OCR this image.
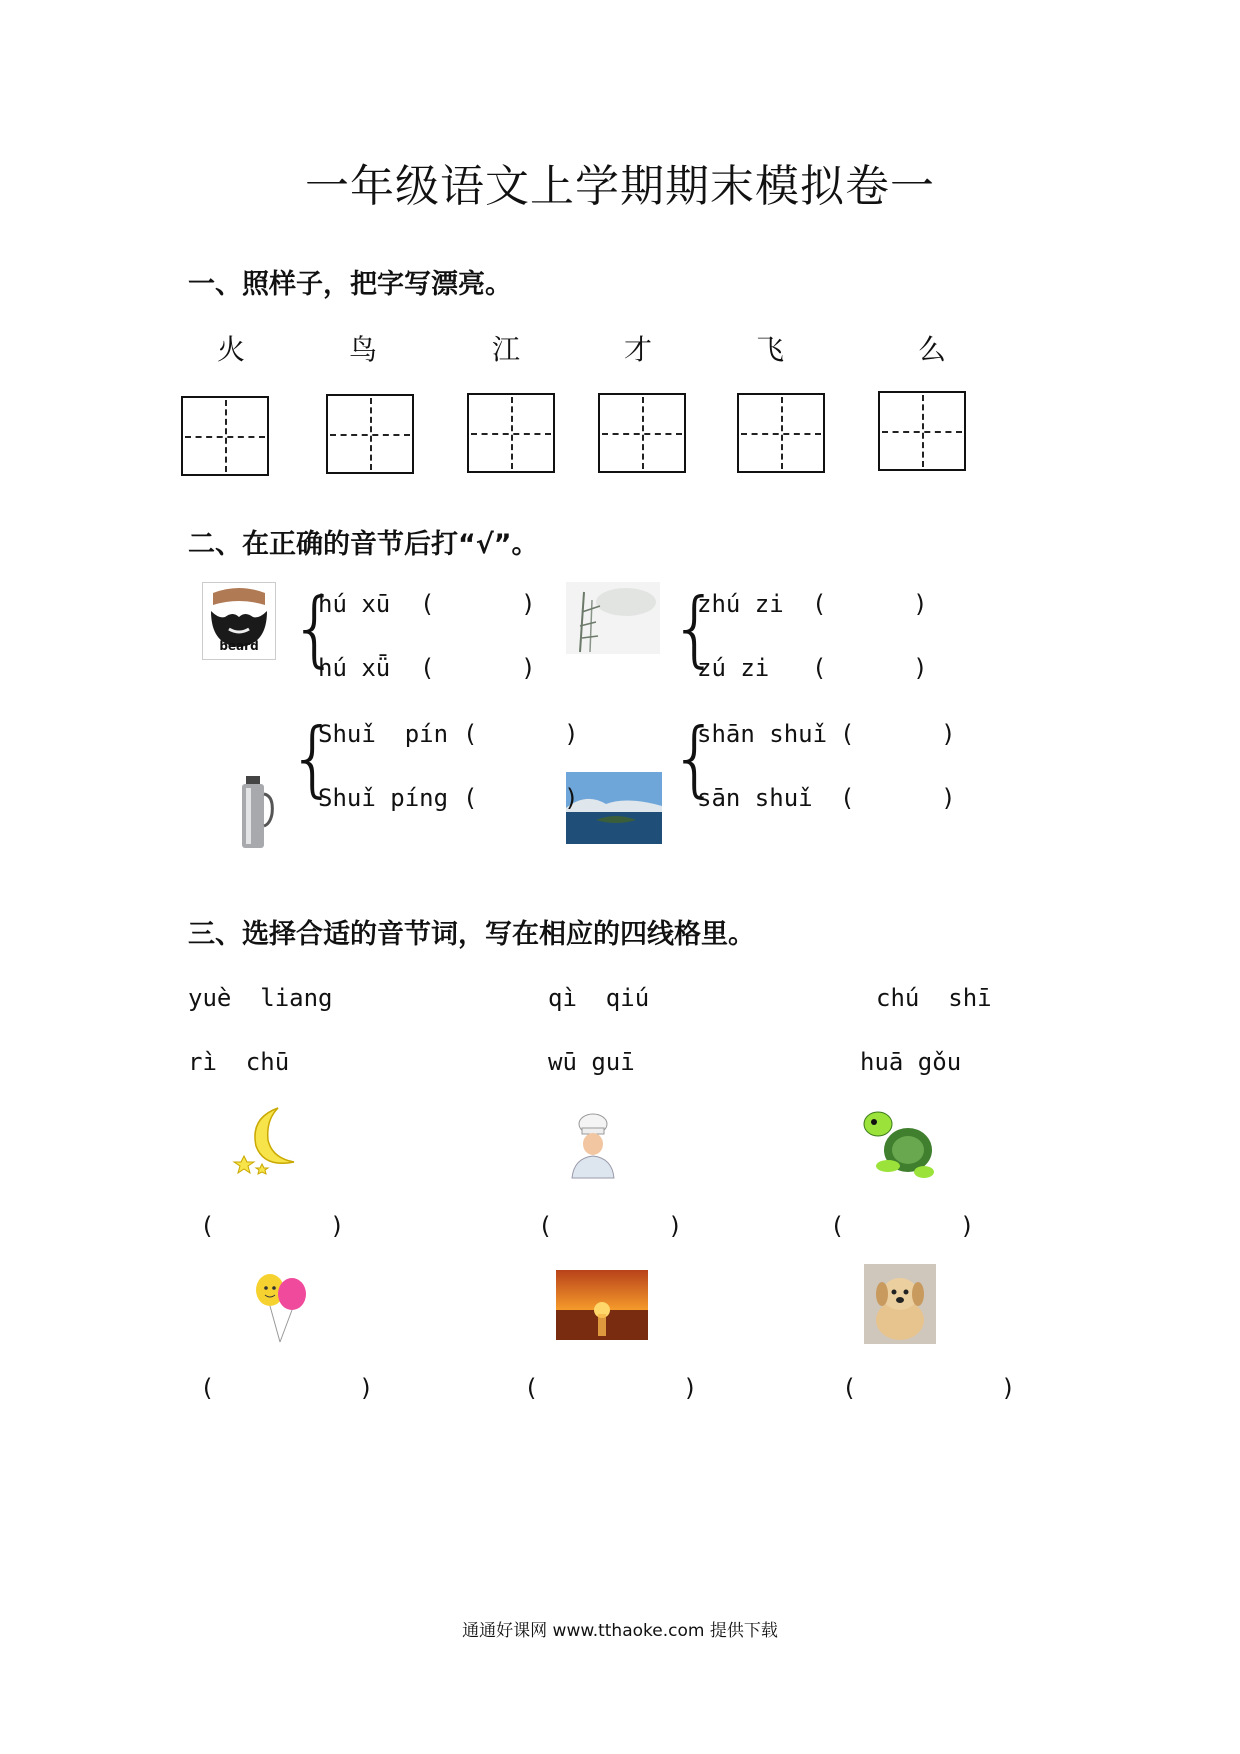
一年级语文上学期期末模拟卷一
一、照样子，把字写漂亮。
火	鸟	江	才	飞	么
二、在正确的音节后打“√”。
beard {	{
{	{
hú xū (      )
hú xǖ (      )
zhú zi (      )
zú zi (      )
Shuǐ  pín (      )
Shuǐ píng (      )
shān shuǐ (      )
sān shuǐ (      )
三、选择合适的音节词，写在相应的四线格里。
yuè  liang	qì  qiú	chú  shī
rì  chū	wū guī	huā gǒu
(        )	(        )	(        )
(          )	(          )	(          )
通通好课网 www.tthaoke.com 提供下载
